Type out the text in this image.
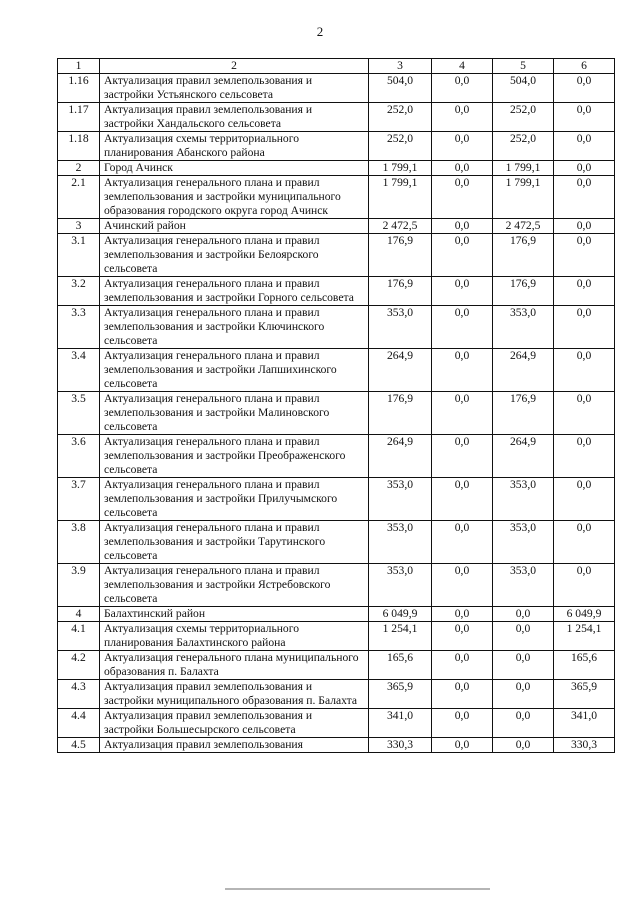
2
1	2	3	4	5	6
1.16	Актуализация правил землепользования и застройки Устьянского сельсовета	504,0	0,0	504,0	0,0
1.17	Актуализация правил землепользования и застройки Хандальского сельсовета	252,0	0,0	252,0	0,0
1.18	Актуализация схемы территориального планирования Абанского района	252,0	0,0	252,0	0,0
2	Город Ачинск	1 799,1	0,0	1 799,1	0,0
2.1	Актуализация генерального плана и правил землепользования и застройки муниципального образования городского округа город Ачинск	1 799,1	0,0	1 799,1	0,0
3	Ачинский район	2 472,5	0,0	2 472,5	0,0
3.1	Актуализация генерального плана и правил землепользования и застройки Белоярского сельсовета	176,9	0,0	176,9	0,0
3.2	Актуализация генерального плана и правил землепользования и застройки Горного сельсовета	176,9	0,0	176,9	0,0
3.3	Актуализация генерального плана и правил землепользования и застройки Ключинского сельсовета	353,0	0,0	353,0	0,0
3.4	Актуализация генерального плана и правил землепользования и застройки Лапшихинского сельсовета	264,9	0,0	264,9	0,0
3.5	Актуализация генерального плана и правил землепользования и застройки Малиновского сельсовета	176,9	0,0	176,9	0,0
3.6	Актуализация генерального плана и правил землепользования и застройки Преображенского сельсовета	264,9	0,0	264,9	0,0
3.7	Актуализация генерального плана и правил землепользования и застройки Прилучымского сельсовета	353,0	0,0	353,0	0,0
3.8	Актуализация генерального плана и правил землепользования и застройки Тарутинского сельсовета	353,0	0,0	353,0	0,0
3.9	Актуализация генерального плана и правил землепользования и застройки Ястребовского сельсовета	353,0	0,0	353,0	0,0
4	Балахтинский район	6 049,9	0,0	0,0	6 049,9
4.1	Актуализация схемы территориального планирования Балахтинского района	1 254,1	0,0	0,0	1 254,1
4.2	Актуализация генерального плана муниципального образования п. Балахта	165,6	0,0	0,0	165,6
4.3	Актуализация правил землепользования и застройки муниципального образования п. Балахта	365,9	0,0	0,0	365,9
4.4	Актуализация правил землепользования и застройки Большесырского сельсовета	341,0	0,0	0,0	341,0
4.5	Актуализация правил землепользования	330,3	0,0	0,0	330,3
